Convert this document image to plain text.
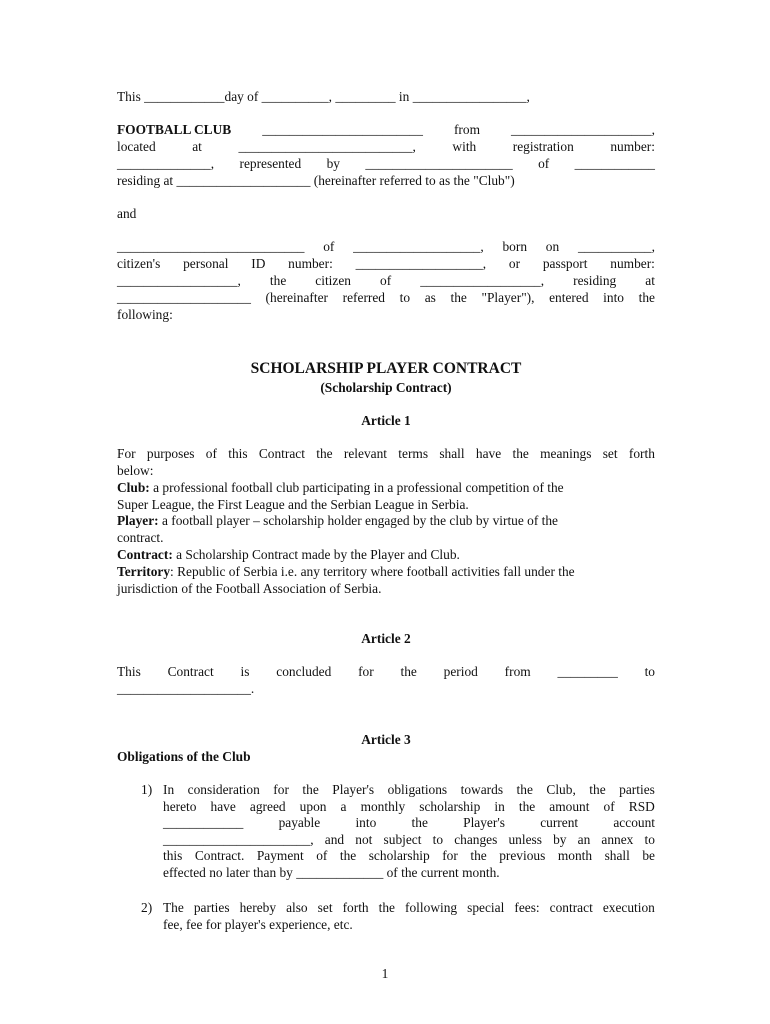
This ____________day of __________, _________ in _________________,
FOOTBALL CLUB ________________________ from _____________________,
located	at	__________________________,	with	registration	number:
______________, represented by ______________________ of ____________
residing at ____________________ (hereinafter referred to as the "Club")
and
____________________________ of ___________________, born on ___________,
citizen's personal ID number: ___________________, or passport number:
__________________, the citizen of __________________, residing at
____________________ (hereinafter referred to as the "Player"), entered into the
following:
SCHOLARSHIP PLAYER CONTRACT
(Scholarship Contract)
Article 1
For purposes of this Contract the relevant terms shall have the meanings set forth
below:
Club: a professional football club participating in a professional competition of the
Super League, the First League and the Serbian League in Serbia.
Player: a football player – scholarship holder engaged by the club by virtue of the
contract.
Contract: a Scholarship Contract made by the Player and Club.
Territory: Republic of Serbia i.e. any territory where football activities fall under the
jurisdiction of the Football Association of Serbia.
Article 2
This Contract is concluded for the period from _________ to
____________________.
Article 3
Obligations of the Club
1) In consideration for the Player's obligations towards the Club, the parties
hereto have agreed upon a monthly scholarship in the amount of RSD
____________	payable	into	the	Player's	current	account
______________________, and not subject to changes unless by an annex to
this Contract. Payment of the scholarship for the previous month shall be
effected no later than by _____________ of the current month.
2) The parties hereby also set forth the following special fees: contract execution
fee, fee for player's experience, etc.
1
